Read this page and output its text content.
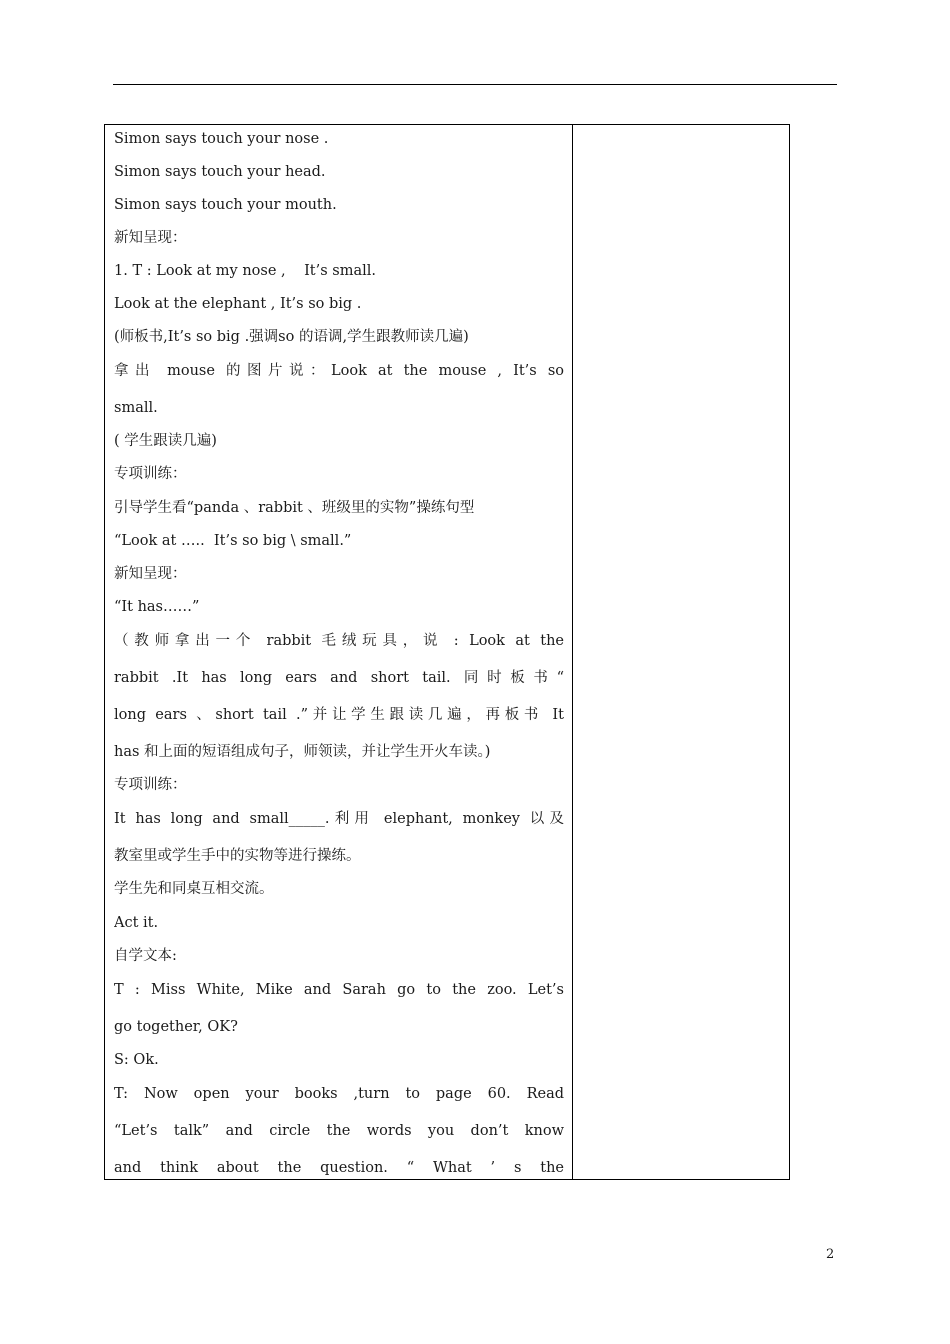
Simon says touch your nose .
Simon says touch your head.
Simon says touch your mouth.
新知呈现：
1. T : Look at my nose ,    It’s small.
Look at the elephant , It’s so big .
(师板书,It’s so big .强调so 的语调,学生跟教师读几遍)
拿出 mouse 的图片说：Look at the mouse , It’s so
small.
( 学生跟读几遍)
专项训练：
引导学生看“panda 、rabbit 、班级里的实物”操练句型
“Look at …..  It’s so big \ small.”
新知呈现：
“It has……”
（教师拿出一个 rabbit 毛绒玩具，说 : Look at the
rabbit .It has long ears and short tail. 同时板书“
long ears 、short tail .”并让学生跟读几遍，再板书 It
has 和上面的短语组成句子，师领读，并让学生开火车读。)
专项训练：
It has long and small_____.利用 elephant, monkey 以及
教室里或学生手中的实物等进行操练。
学生先和同桌互相交流。
Act it.
自学文本:
T : Miss White, Mike and Sarah go to the zoo. Let’s
go together, OK?
S: Ok.
T: Now open your books ,turn to page 60. Read
“Let’s talk” and circle the words you don’t know
and think about the question. “ What ’ s the
2
